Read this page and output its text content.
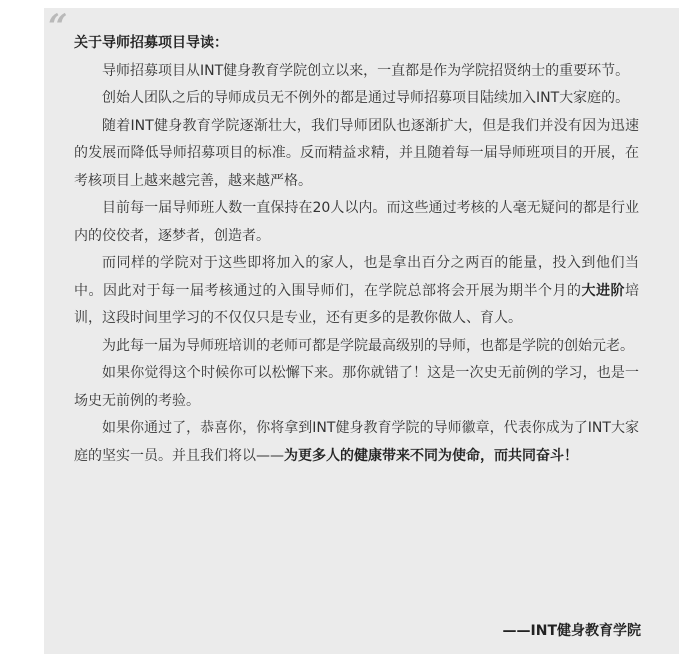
“ 关于导师招募项目导读：

导师招募项目从INT健身教育学院创立以来，一直都是作为学院招贤纳士的重要环节。

创始人团队之后的导师成员无不例外的都是通过导师招募项目陆续加入INT大家庭的。

随着INT健身教育学院逐渐壮大，我们导师团队也逐渐扩大，但是我们并没有因为迅速的发展而降低导师招募项目的标准。反而精益求精，并且随着每一届导师班项目的开展，在考核项目上越来越完善，越来越严格。

目前每一届导师班人数一直保持在20人以内。而这些通过考核的人毫无疑问的都是行业内的佼佼者，逐梦者，创造者。

而同样的学院对于这些即将加入的家人，也是拿出百分之两百的能量，投入到他们当中。因此对于每一届考核通过的入围导师们，在学院总部将会开展为期半个月的大进阶培训，这段时间里学习的不仅仅只是专业，还有更多的是教你做人、育人。

为此每一届为导师班培训的老师可都是学院最高级别的导师，也都是学院的创始元老。

如果你觉得这个时候你可以松懈下来。那你就错了！这是一次史无前例的学习，也是一场史无前例的考验。

如果你通过了，恭喜你，你将拿到INT健身教育学院的导师徽章，代表你成为了INT大家庭的坚实一员。并且我们将以——为更多人的健康带来不同为使命，而共同奋斗！

——INT健身教育学院
